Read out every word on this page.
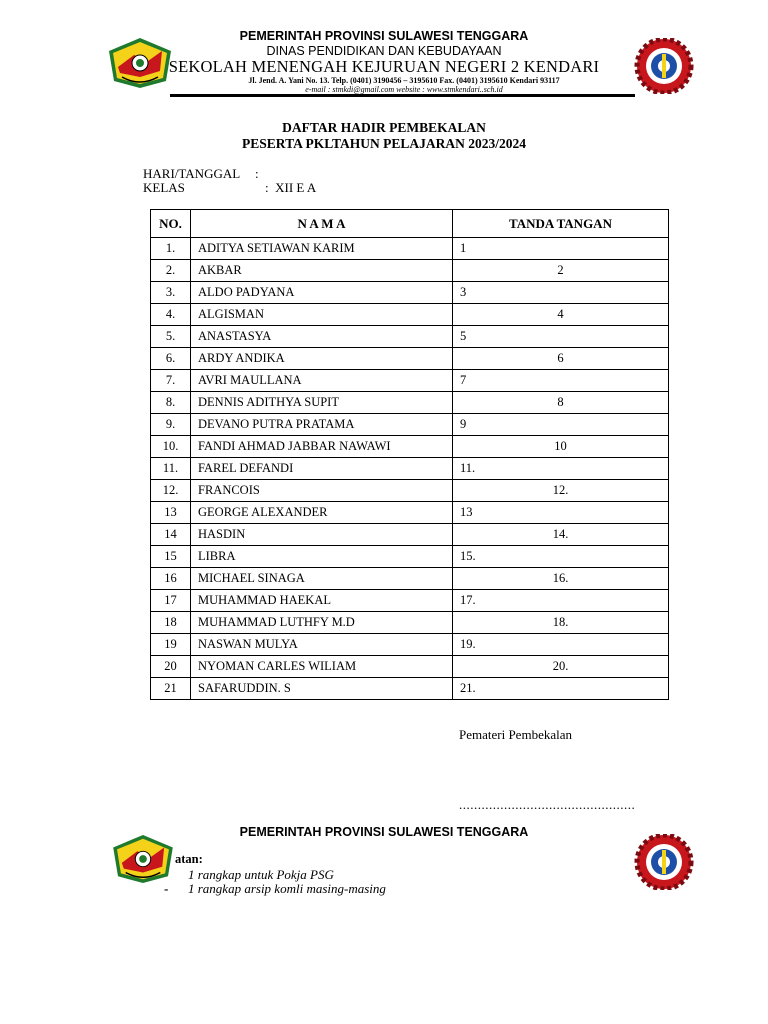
PEMERINTAH PROVINSI SULAWESI TENGGARA
DINAS PENDIDIKAN DAN KEBUDAYAAN
SEKOLAH MENENGAH KEJURUAN NEGERI 2 KENDARI
Jl. Jend. A. Yani No. 13. Telp. (0401) 3190456 – 3195610 Fax. (0401) 3195610 Kendari 93117
e-mail : stmkdi@gmail.com website : www.stmkendari..sch.id
DAFTAR HADIR PEMBEKALAN
PESERTA PKLTAHUN PELAJARAN 2023/2024
HARI/TANGGAL :
KELAS	:  XII E A
NO.	N A M A	TANDA TANGAN
1.	ADITYA SETIAWAN KARIM	1
2.	AKBAR	2
3.	ALDO PADYANA	3
4.	ALGISMAN	4
5.	ANASTASYA	5
6.	ARDY ANDIKA	6
7.	AVRI MAULLANA	7
8.	DENNIS ADITHYA SUPIT	8
9.	DEVANO PUTRA PRATAMA	9
10.	FANDI AHMAD JABBAR NAWAWI	10
11.	FAREL DEFANDI	11.
12.	FRANCOIS	12.
13	GEORGE ALEXANDER	13
14	HASDIN	14.
15	LIBRA	15.
16	MICHAEL SINAGA	16.
17	MUHAMMAD HAEKAL	17.
18	MUHAMMAD LUTHFY M.D	18.
19	NASWAN MULYA	19.
20	NYOMAN CARLES WILIAM	20.
21	SAFARUDDIN. S	21.
Pemateri Pembekalan
...............................................
PEMERINTAH PROVINSI SULAWESI TENGGARA
atan:
1 rangkap untuk Pokja PSG
- 1 rangkap arsip komli masing-masing
